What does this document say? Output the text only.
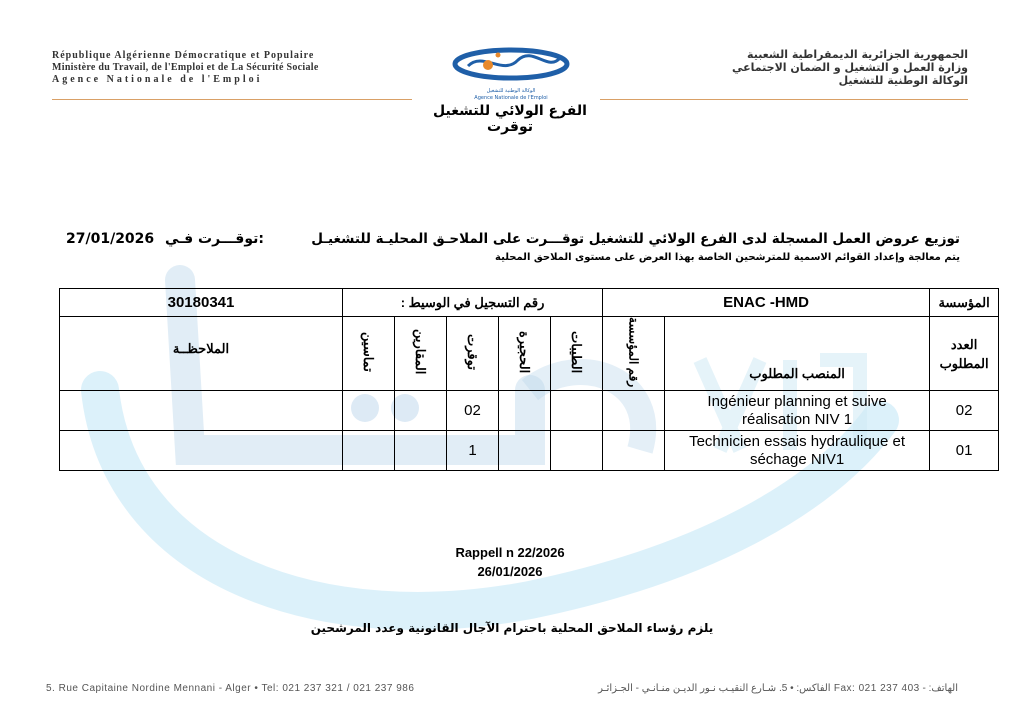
République Algérienne Démocratique et Populaire
Ministère du Travail, de l'Emploi et de La Sécurité Sociale
Agence Nationale de l'Emploi
الجمهورية الجزائرية الديمقراطية الشعبية
وزارة العمل و التشغيل و الضمان الاجتماعي
الوكالة الوطنية للتشغيل
الوكالة الوطنية للتشغيل
Agence Nationale de l'Emploi
الفرع الولائي للتشغيل توقرت
توزيع عروض العمل المسجلة لدى الفرع الولائي للتشغيل توقـــرت على الملاحـق المحليـة للتشغيـل
يتم معالجة وإعداد القوائم الاسمية للمترشحين الخاصة بهذا العرض على مستوى الملاحق المحلية
27/01/2026 توقـــرت فـي:
30180341	رقم التسجيل في الوسيط :					ENAC -HMD		المؤسسة
الملاحظــة	تماسين	المقارين	توقرت	الحجيرة	الطيبات	رقم المؤسسة	المنصب المطلوب	العدد المطلوب
			02				Ingénieur planning et suive réalisation NIV 1	02
			1				Technicien essais hydraulique et séchage NIV1	01
Rappell n 22/2026
26/01/2026
يلزم رؤساء الملاحق المحلية باحترام الآجال القانونية وعدد المرشحين
5. Rue Capitaine Nordine Mennani - Alger • Tel: 021 237 321 / 021 237 986	الهاتف: - Fax: 021 237 403 الفاكس: • 5. شـارع النقيـب نـور الديـن منـانـي - الجـزائـر
